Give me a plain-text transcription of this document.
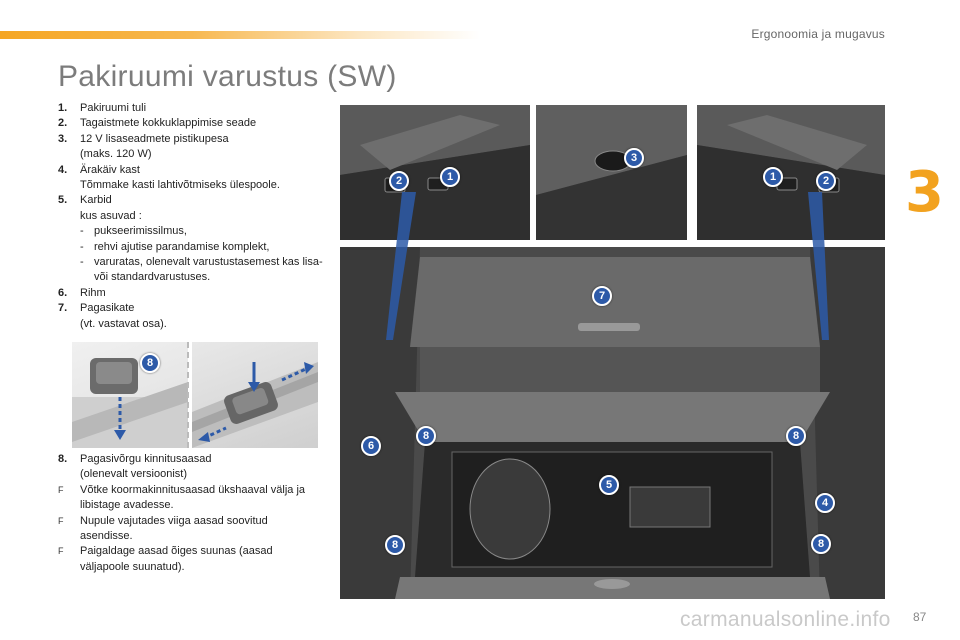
Ergonoomia ja mugavus
Pakiruumi varustus (SW)
3
1.	Pakiruumi tuli
2.	Tagaistmete kokkuklappimise seade
3.	12 V lisaseadmete pistikupesa
(maks. 120 W)
4.	Ärakäiv kast
Tõmmake kasti lahtivõtmiseks ülespoole.
5.	Karbid
kus asuvad :
- pukseerimissilmus,
- rehvi ajutise parandamise komplekt,
- varuratas, olenevalt varustustasemest kas lisa- või standardvarustuses.
6.	Rihm
7.	Pagasikate
(vt. vastavat osa).
8
8.	Pagasivõrgu kinnitusaasad
(olenevalt versioonist)
F	Võtke koormakinnitusaasad ükshaaval välja ja libistage avadesse.
F	Nupule vajutades viiga aasad soovitud asendisse.
F	Paigaldage aasad õiges suunas (aasad väljapoole suunatud).
2	1
3
1	2
7
8	8
6
5
4
8	8
carmanualsonline.info 87
